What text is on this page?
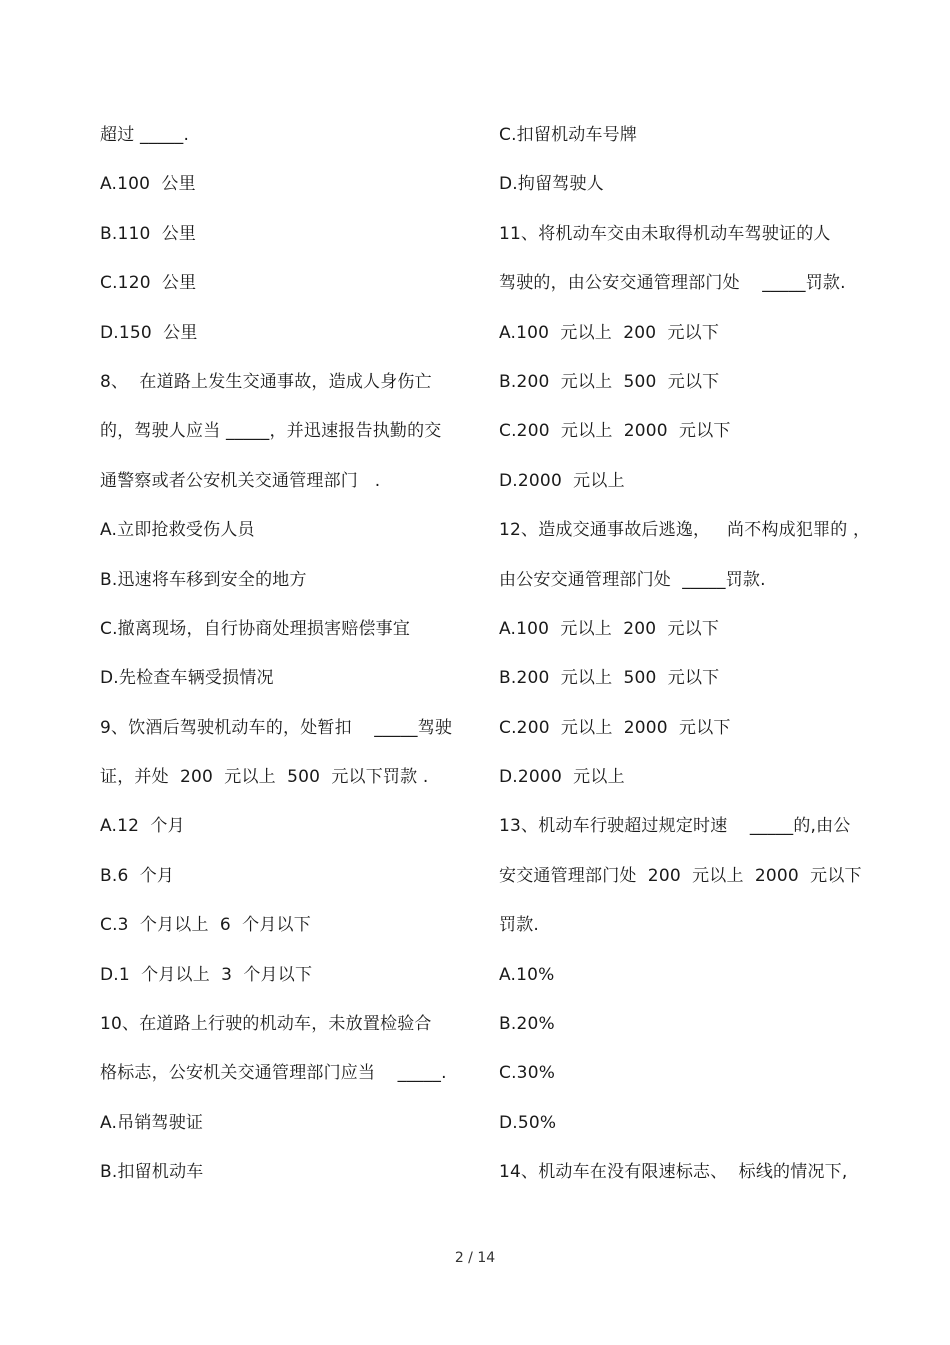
超过 _____.
A.100  公里
B.110  公里
C.120  公里
D.150  公里
8、  在道路上发生交通事故，造成人身伤亡
的，驾驶人应当 _____，并迅速报告执勤的交
通警察或者公安机关交通管理部门   .
A.立即抢救受伤人员
B.迅速将车移到安全的地方
C.撤离现场，自行协商处理损害赔偿事宜
D.先检查车辆受损情况
9、饮酒后驾驶机动车的，处暂扣    _____驾驶
证，并处  200  元以上  500  元以下罚款 .
A.12  个月
B.6  个月
C.3  个月以上  6  个月以下
D.1  个月以上  3  个月以下
10、在道路上行驶的机动车，未放置检验合
格标志，公安机关交通管理部门应当    _____.
A.吊销驾驶证
B.扣留机动车
C.扣留机动车号牌
D.拘留驾驶人
11、将机动车交由未取得机动车驾驶证的人
驾驶的，由公安交通管理部门处    _____罚款.
A.100  元以上  200  元以下
B.200  元以上  500  元以下
C.200  元以上  2000  元以下
D.2000  元以上
12、造成交通事故后逃逸，   尚不构成犯罪的 ，
由公安交通管理部门处  _____罚款.
A.100  元以上  200  元以下
B.200  元以上  500  元以下
C.200  元以上  2000  元以下
D.2000  元以上
13、机动车行驶超过规定时速    _____的,由公
安交通管理部门处  200  元以上  2000  元以下
罚款.
A.10%
B.20%
C.30%
D.50%
14、机动车在没有限速标志、  标线的情况下,
2 / 14
